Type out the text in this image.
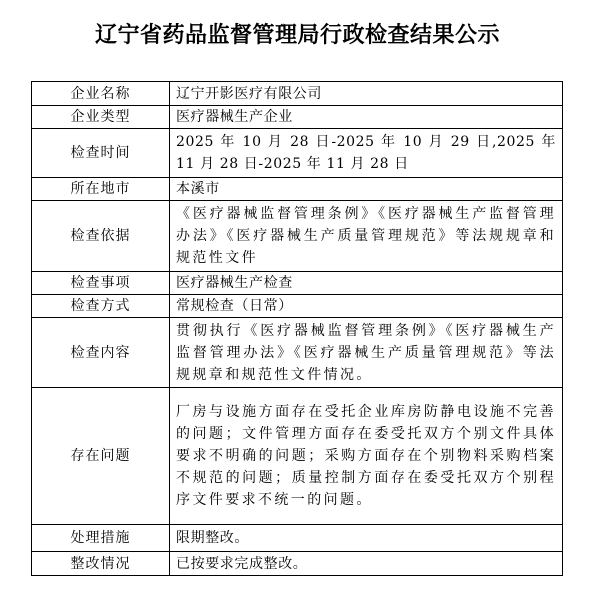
辽宁省药品监督管理局行政检查结果公示
企业名称	辽宁开影医疗有限公司
企业类型	医疗器械生产企业
检查时间	2025 年 10 月 28 日-2025 年 10 月 29 日,2025 年 11 月 28 日-2025 年 11 月 28 日
所在地市	本溪市
检查依据	《医疗器械监督管理条例》《医疗器械生产监督管理办法》《医疗器械生产质量管理规范》等法规规章和规范性文件
检查事项	医疗器械生产检查
检查方式	常规检查（日常）
检查内容	贯彻执行《医疗器械监督管理条例》《医疗器械生产监督管理办法》《医疗器械生产质量管理规范》等法规规章和规范性文件情况。
存在问题	厂房与设施方面存在受托企业库房防静电设施不完善的问题；文件管理方面存在委受托双方个别文件具体要求不明确的问题；采购方面存在个别物料采购档案不规范的问题；质量控制方面存在委受托双方个别程序文件要求不统一的问题。
处理措施	限期整改。
整改情况	已按要求完成整改。
